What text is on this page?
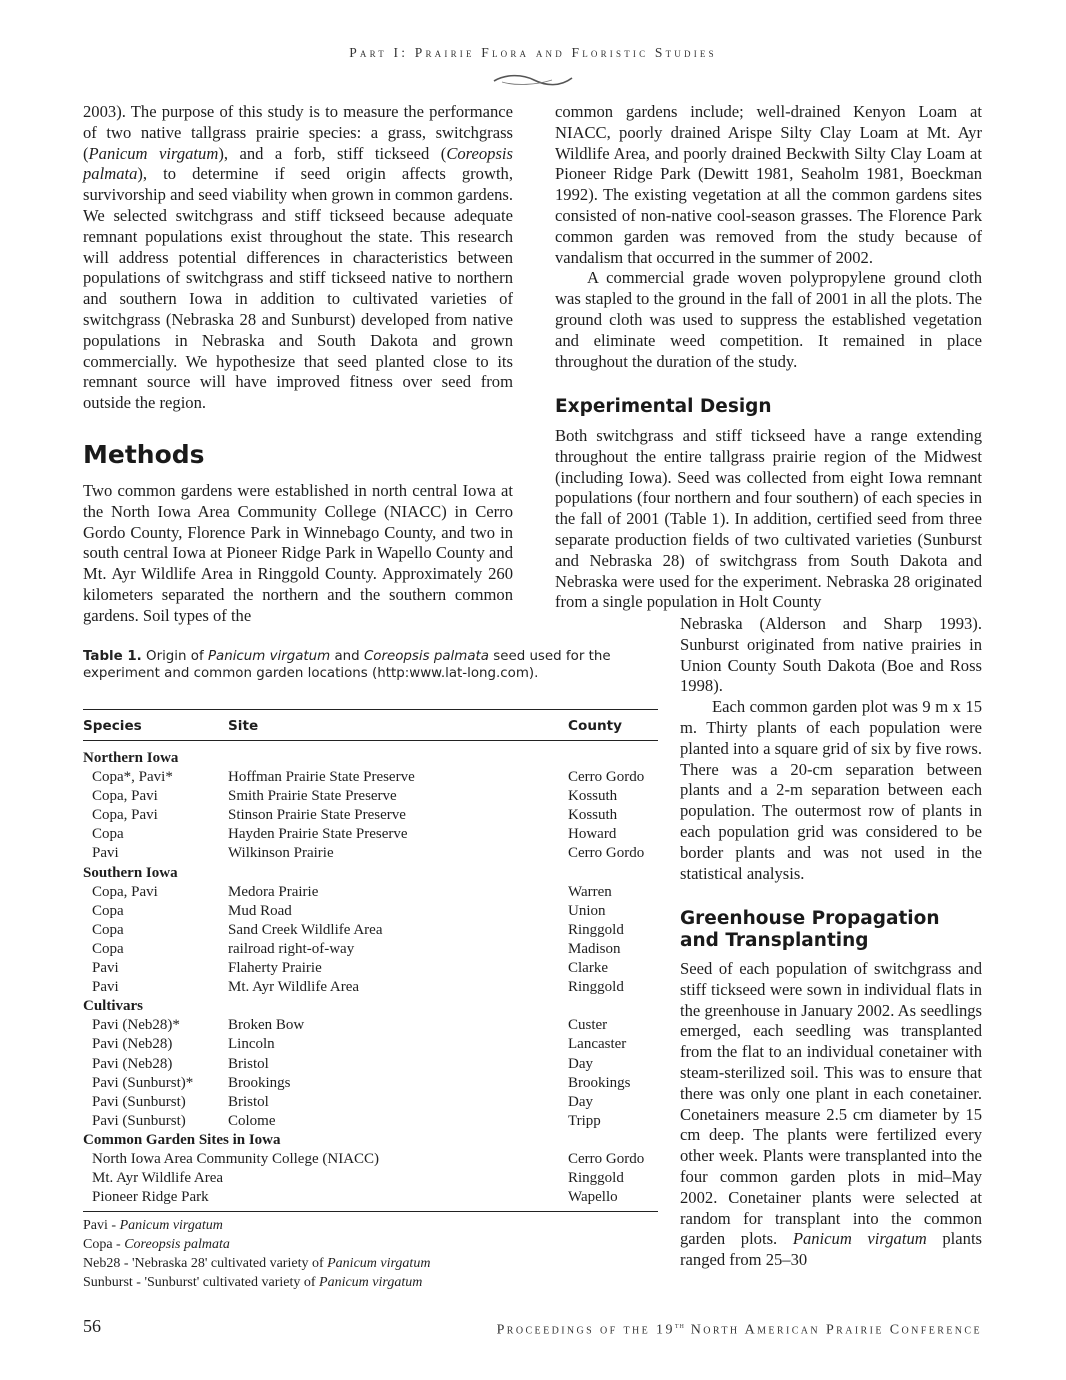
Part I: Prairie Flora and Floristic Studies

2003). The purpose of this study is to measure the performance of two native tallgrass prairie species: a grass, switchgrass (Panicum virgatum), and a forb, stiff tickseed (Coreopsis palmata), to determine if seed origin affects growth, survivorship and seed viability when grown in common gardens. We selected switchgrass and stiff tickseed because adequate remnant populations exist throughout the state. This research will address potential differences in characteristics between populations of switchgrass and stiff tickseed native to northern and southern Iowa in addition to cultivated varieties of switchgrass (Nebraska 28 and Sunburst) developed from native populations in Nebraska and South Dakota and grown commercially. We hypothesize that seed planted close to its remnant source will have improved fitness over seed from outside the region.

Methods

Two common gardens were established in north central Iowa at the North Iowa Area Community College (NIACC) in Cerro Gordo County, Florence Park in Winnebago County, and two in south central Iowa at Pioneer Ridge Park in Wapello County and Mt. Ayr Wildlife Area in Ringgold County. Approximately 260 kilometers separated the northern and the southern common gardens. Soil types of the

common gardens include; well-drained Kenyon Loam at NIACC, poorly drained Arispe Silty Clay Loam at Mt. Ayr Wildlife Area, and poorly drained Beckwith Silty Clay Loam at Pioneer Ridge Park (Dewitt 1981, Seaholm 1981, Boeckman 1992). The existing vegetation at all the common gardens sites consisted of non-native cool-season grasses. The Florence Park common garden was removed from the study because of vandalism that occurred in the summer of 2002.

A commercial grade woven polypropylene ground cloth was stapled to the ground in the fall of 2001 in all the plots. The ground cloth was used to suppress the established vegetation and eliminate weed competition. It remained in place throughout the duration of the study.

Experimental Design

Both switchgrass and stiff tickseed have a range extending throughout the entire tallgrass prairie region of the Midwest (including Iowa). Seed was collected from eight Iowa remnant populations (four northern and four southern) of each species in the fall of 2001 (Table 1). In addition, certified seed from three separate production fields of two cultivated varieties (Sunburst and Nebraska 28) of switchgrass from South Dakota and Nebraska were used for the experiment. Nebraska 28 originated from a single population in Holt County

Nebraska (Alderson and Sharp 1993). Sunburst originated from native prairies in Union County South Dakota (Boe and Ross 1998).

Each common garden plot was 9 m x 15 m. Thirty plants of each population were planted into a square grid of six by five rows. There was a 20-cm separation between plants and a 2-m separation between each population. The outermost row of plants in each population grid was considered to be border plants and was not used in the statistical analysis.

Greenhouse Propagation and Transplanting

Seed of each population of switchgrass and stiff tickseed were sown in individual flats in the greenhouse in January 2002. As seedlings emerged, each seedling was transplanted from the flat to an individual conetainer with steam-sterilized soil. This was to ensure that there was only one plant in each conetainer. Conetainers measure 2.5 cm diameter by 15 cm deep. The plants were fertilized every other week. Plants were transplanted into the four common garden plots in mid–May 2002. Conetainer plants were selected at random for transplant into the common garden plots. Panicum virgatum plants ranged from 25–30

Table 1. Origin of Panicum virgatum and Coreopsis palmata seed used for the experiment and common garden locations (http:www.lat-long.com).
Species	Site	County
Northern Iowa		
Copa*, Pavi*	Hoffman Prairie State Preserve	Cerro Gordo
Copa, Pavi	Smith Prairie State Preserve	Kossuth
Copa, Pavi	Stinson Prairie State Preserve	Kossuth
Copa	Hayden Prairie State Preserve	Howard
Pavi	Wilkinson Prairie	Cerro Gordo
Southern Iowa		
Copa, Pavi	Medora Prairie	Warren
Copa	Mud Road	Union
Copa	Sand Creek Wildlife Area	Ringgold
Copa	railroad right-of-way	Madison
Pavi	Flaherty Prairie	Clarke
Pavi	Mt. Ayr Wildlife Area	Ringgold
Cultivars		
Pavi (Neb28)*	Broken Bow	Custer
Pavi (Neb28)	Lincoln	Lancaster
Pavi (Neb28)	Bristol	Day
Pavi (Sunburst)*	Brookings	Brookings
Pavi (Sunburst)	Bristol	Day
Pavi (Sunburst)	Colome	Tripp
Common Garden Sites in Iowa		
North Iowa Area Community College (NIACC)		Cerro Gordo
Mt. Ayr Wildlife Area		Ringgold
Pioneer Ridge Park		Wapello
Pavi - Panicum virgatum
Copa - Coreopsis palmata
Neb28 - 'Nebraska 28' cultivated variety of Panicum virgatum
Sunburst - 'Sunburst' cultivated variety of Panicum virgatum
56	Proceedings of the 19th North American Prairie Conference
